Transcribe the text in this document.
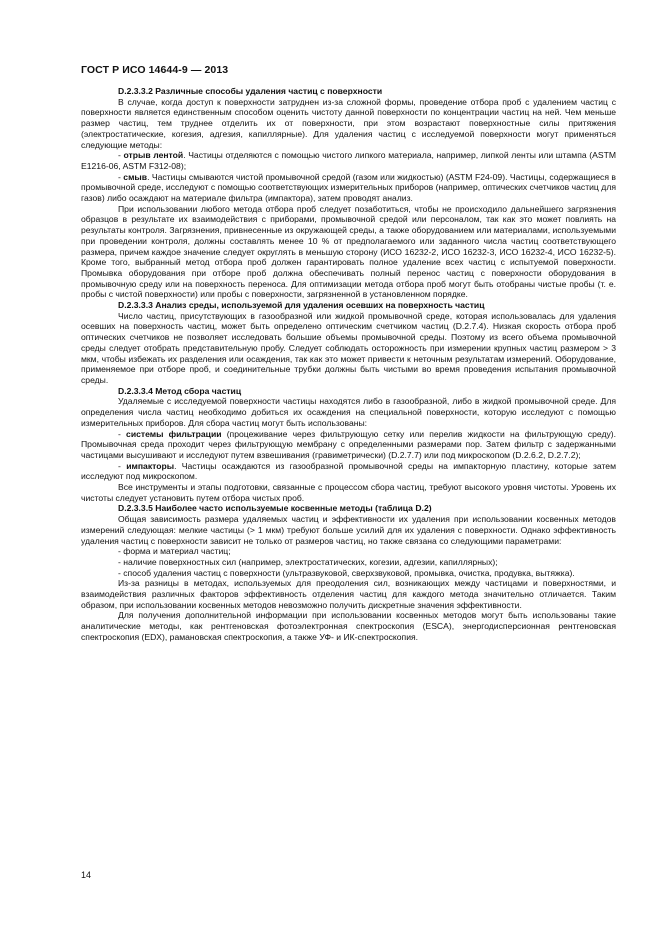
ГОСТ Р ИСО 14644-9 — 2013

D.2.3.3.2 Различные способы удаления частиц с поверхности

В случае, когда доступ к поверхности затруднен из-за сложной формы, проведение отбора проб с удалением частиц с поверхности является единственным способом оценить чистоту данной поверхности по концентрации частиц на ней. Чем меньше размер частиц, тем труднее отделить их от поверхности, при этом возрастают поверхностные силы притяжения (электростатические, когезия, адгезия, капиллярные). Для удаления частиц с исследуемой поверхности могут применяться следующие методы:

- отрыв лентой. Частицы отделяются с помощью чистого липкого материала, например, липкой ленты или штампа (ASTM E1216-06, ASTM F312-08);

- смыв. Частицы смываются чистой промывочной средой (газом или жидкостью) (ASTM F24-09). Частицы, содержащиеся в промывочной среде, исследуют с помощью соответствующих измерительных приборов (например, оптических счетчиков частиц для газов) либо осаждают на материале фильтра (импактора), затем проводят анализ.

При использовании любого метода отбора проб следует позаботиться, чтобы не происходило дальнейшего загрязнения образцов в результате их взаимодействия с приборами, промывочной средой или персоналом, так как это может повлиять на результаты контроля. Загрязнения, привнесенные из окружающей среды, а также оборудованием или материалами, используемыми при проведении контроля, должны составлять менее 10 % от предполагаемого или заданного числа частиц соответствующего размера, причем каждое значение следует округлять в меньшую сторону (ИСО 16232-2, ИСО 16232-3, ИСО 16232-4, ИСО 16232-5). Кроме того, выбранный метод отбора проб должен гарантировать полное удаление всех частиц с испытуемой поверхности. Промывка оборудования при отборе проб должна обеспечивать полный перенос частиц с поверхности оборудования в промывочную среду или на поверхность переноса. Для оптимизации метода отбора проб могут быть отобраны чистые пробы (т. е. пробы с чистой поверхности) или пробы с поверхности, загрязненной в установленном порядке.

D.2.3.3.3 Анализ среды, используемой для удаления осевших на поверхность частиц

Число частиц, присутствующих в газообразной или жидкой промывочной среде, которая использовалась для удаления осевших на поверхность частиц, может быть определено оптическим счетчиком частиц (D.2.7.4). Низкая скорость отбора проб оптических счетчиков не позволяет исследовать большие объемы промывочной среды. Поэтому из всего объема промывочной среды следует отобрать представительную пробу. Следует соблюдать осторожность при измерении крупных частиц размером > 3 мкм, чтобы избежать их разделения или осаждения, так как это может привести к неточным результатам измерений. Оборудование, применяемое при отборе проб, и соединительные трубки должны быть чистыми во время проведения испытания промывочной среды.

D.2.3.3.4 Метод сбора частиц

Удаляемые с исследуемой поверхности частицы находятся либо в газообразной, либо в жидкой промывочной среде. Для определения числа частиц необходимо добиться их осаждения на специальной поверхности, которую исследуют с помощью измерительных приборов. Для сбора частиц могут быть использованы:

- системы фильтрации (процеживание через фильтрующую сетку или перелив жидкости на фильтрующую среду). Промывочная среда проходит через фильтрующую мембрану с определенными размерами пор. Затем фильтр с задержанными частицами высушивают и исследуют путем взвешивания (гравиметрически) (D.2.7.7) или под микроскопом (D.2.6.2, D.2.7.2);

- импакторы. Частицы осаждаются из газообразной промывочной среды на импакторную пластину, которые затем исследуют под микроскопом.

Все инструменты и этапы подготовки, связанные с процессом сбора частиц, требуют высокого уровня чистоты. Уровень их чистоты следует установить путем отбора чистых проб.

D.2.3.3.5 Наиболее часто используемые косвенные методы (таблица D.2)

Общая зависимость размера удаляемых частиц и эффективности их удаления при использовании косвенных методов измерений следующая: мелкие частицы (> 1 мкм) требуют больше усилий для их удаления с поверхности. Однако эффективность удаления частиц с поверхности зависит не только от размеров частиц, но также связана со следующими параметрами:

- форма и материал частиц;

- наличие поверхностных сил (например, электростатических, когезии, адгезии, капиллярных);

- способ удаления частиц с поверхности (ультразвуковой, сверхзвуковой, промывка, очистка, продувка, вытяжка).

Из-за разницы в методах, используемых для преодоления сил, возникающих между частицами и поверхностями, и взаимодействия различных факторов эффективность отделения частиц для каждого метода значительно отличается. Таким образом, при использовании косвенных методов невозможно получить дискретные значения эффективности.

Для получения дополнительной информации при использовании косвенных методов могут быть использованы такие аналитические методы, как рентгеновская фотоэлектронная спектроскопия (ESCA), энергодисперсионная рентгеновская спектроскопия (EDX), рамановская спектроскопия, а также УФ- и ИК-спектроскопия.

14
